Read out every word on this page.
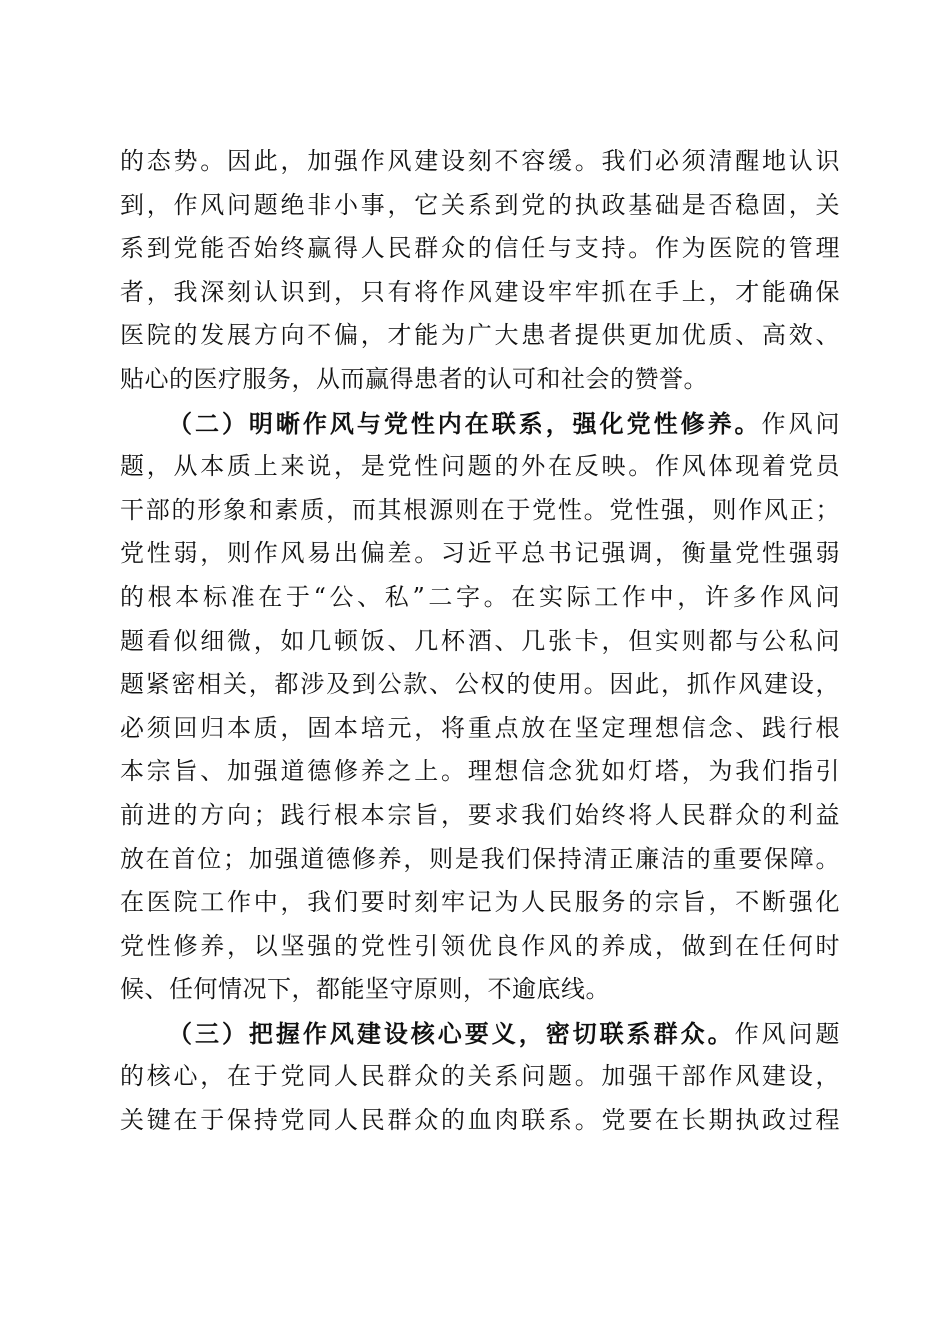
的态势。因此，加强作风建设刻不容缓。我们必须清醒地认识
到，作风问题绝非小事，它关系到党的执政基础是否稳固，关
系到党能否始终赢得人民群众的信任与支持。作为医院的管理
者，我深刻认识到，只有将作风建设牢牢抓在手上，才能确保
医院的发展方向不偏，才能为广大患者提供更加优质、高效、
贴心的医疗服务，从而赢得患者的认可和社会的赞誉。
（二）明晰作风与党性内在联系，强化党性修养。作风问
题，从本质上来说，是党性问题的外在反映。作风体现着党员
干部的形象和素质，而其根源则在于党性。党性强，则作风正；
党性弱，则作风易出偏差。习近平总书记强调，衡量党性强弱
的根本标准在于“公、私”二字。在实际工作中，许多作风问
题看似细微，如几顿饭、几杯酒、几张卡，但实则都与公私问
题紧密相关，都涉及到公款、公权的使用。因此，抓作风建设，
必须回归本质，固本培元，将重点放在坚定理想信念、践行根
本宗旨、加强道德修养之上。理想信念犹如灯塔，为我们指引
前进的方向；践行根本宗旨，要求我们始终将人民群众的利益
放在首位；加强道德修养，则是我们保持清正廉洁的重要保障。
在医院工作中，我们要时刻牢记为人民服务的宗旨，不断强化
党性修养，以坚强的党性引领优良作风的养成，做到在任何时
候、任何情况下，都能坚守原则，不逾底线。
（三）把握作风建设核心要义，密切联系群众。作风问题
的核心，在于党同人民群众的关系问题。加强干部作风建设，
关键在于保持党同人民群众的血肉联系。党要在长期执政过程
